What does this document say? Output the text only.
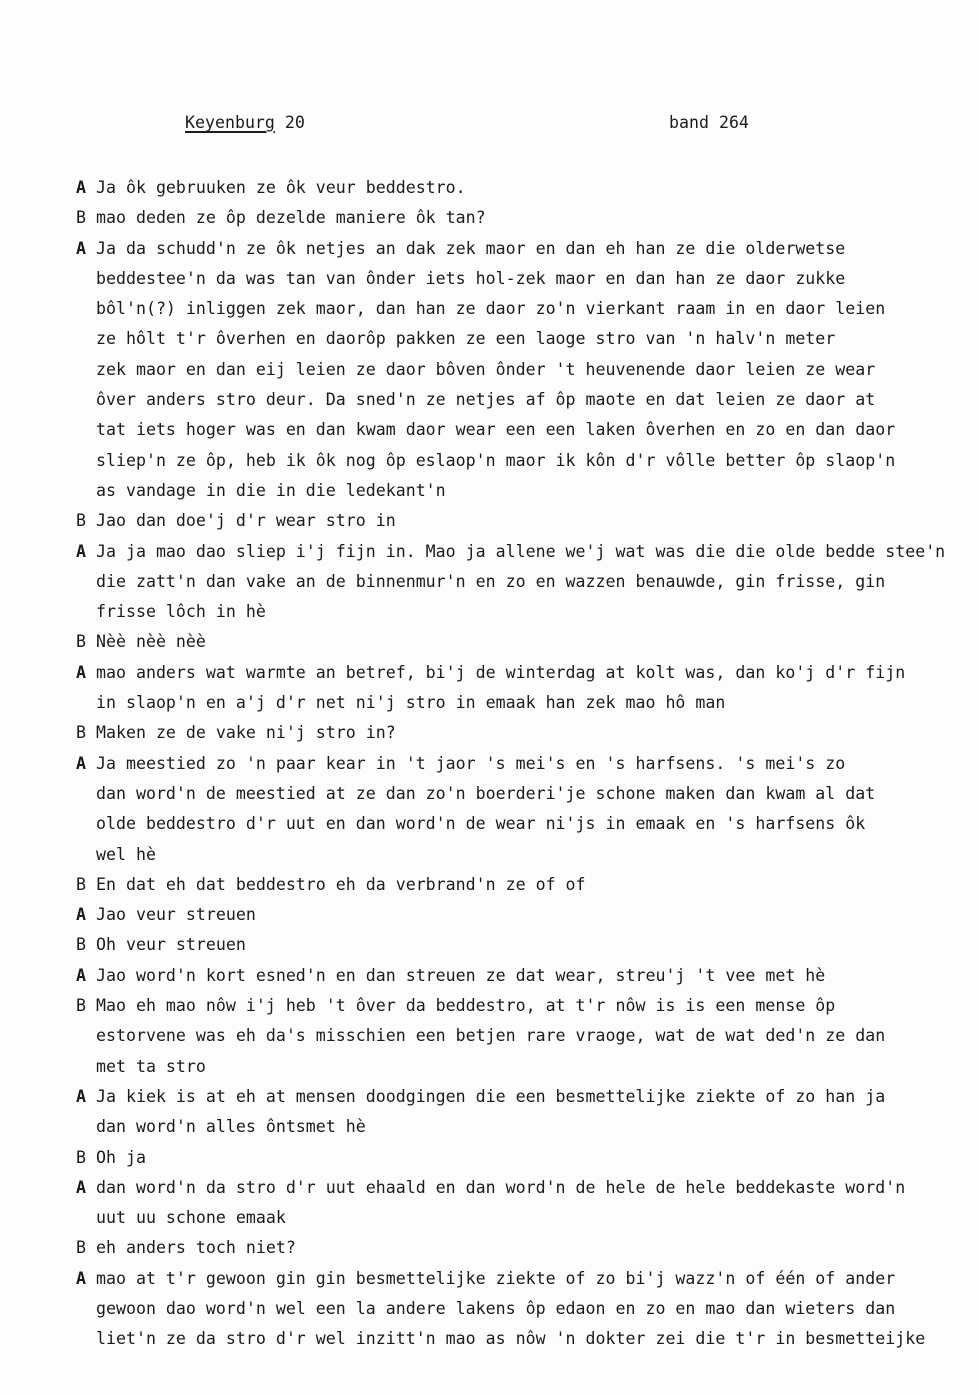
Keyenburg 20	band 264
A Ja ôk gebruuken ze ôk veur beddestro.
B mao deden ze ôp dezelde maniere ôk tan?
A Ja da schudd'n ze ôk netjes an dak zek maor en dan eh han ze die olderwetse
beddestee'n da was tan van ônder iets hol-zek maor en dan han ze daor zukke
bôl'n(?) inliggen zek maor, dan han ze daor zo'n vierkant raam in en daor leien
ze hôlt t'r ôverhen en daorôp pakken ze een laoge stro van 'n halv'n meter
zek maor en dan eij leien ze daor bôven ônder 't heuvenende daor leien ze wear
ôver anders stro deur. Da sned'n ze netjes af ôp maote en dat leien ze daor at
tat iets hoger was en dan kwam daor wear een een laken ôverhen en zo en dan daor
sliep'n ze ôp, heb ik ôk nog ôp eslaop'n maor ik kôn d'r vôlle better ôp slaop'n
as vandage in die in die ledekant'n
B Jao dan doe'j d'r wear stro in
A Ja ja mao dao sliep i'j fijn in. Mao ja allene we'j wat was die die olde bedde stee'n
die zatt'n dan vake an de binnenmur'n en zo en wazzen benauwde, gin frisse, gin
frisse lôch in hè
B Nèè nèè nèè
A mao anders wat warmte an betref, bi'j de winterdag at kolt was, dan ko'j d'r fijn
in slaop'n en a'j d'r net ni'j stro in emaak han zek mao hô man
B Maken ze de vake ni'j stro in?
A Ja meestied zo 'n paar kear in 't jaor 's mei's en 's harfsens. 's mei's zo
dan word'n de meestied at ze dan zo'n boerderi'je schone maken dan kwam al dat
olde beddestro d'r uut en dan word'n de wear ni'js in emaak en 's harfsens ôk
wel hè
B En dat eh dat beddestro eh da verbrand'n ze of of
A Jao veur streuen
B Oh veur streuen
A Jao word'n kort esned'n en dan streuen ze dat wear, streu'j 't vee met hè
B Mao eh mao nôw i'j heb 't ôver da beddestro, at t'r nôw is is een mense ôp
estorvene was eh da's misschien een betjen rare vraoge, wat de wat ded'n ze dan
met ta stro
A Ja kiek is at eh at mensen doodgingen die een besmettelijke ziekte of zo han ja
dan word'n alles ôntsmet hè
B Oh ja
A dan word'n da stro d'r uut ehaald en dan word'n de hele de hele beddekaste word'n
uut uu schone emaak
B eh anders toch niet?
A mao at t'r gewoon gin gin besmettelijke ziekte of zo bi'j wazz'n of één of ander
gewoon dao word'n wel een la andere lakens ôp edaon en zo en mao dan wieters dan
liet'n ze da stro d'r wel inzitt'n mao as nôw 'n dokter zei die t'r in besmetteijke
